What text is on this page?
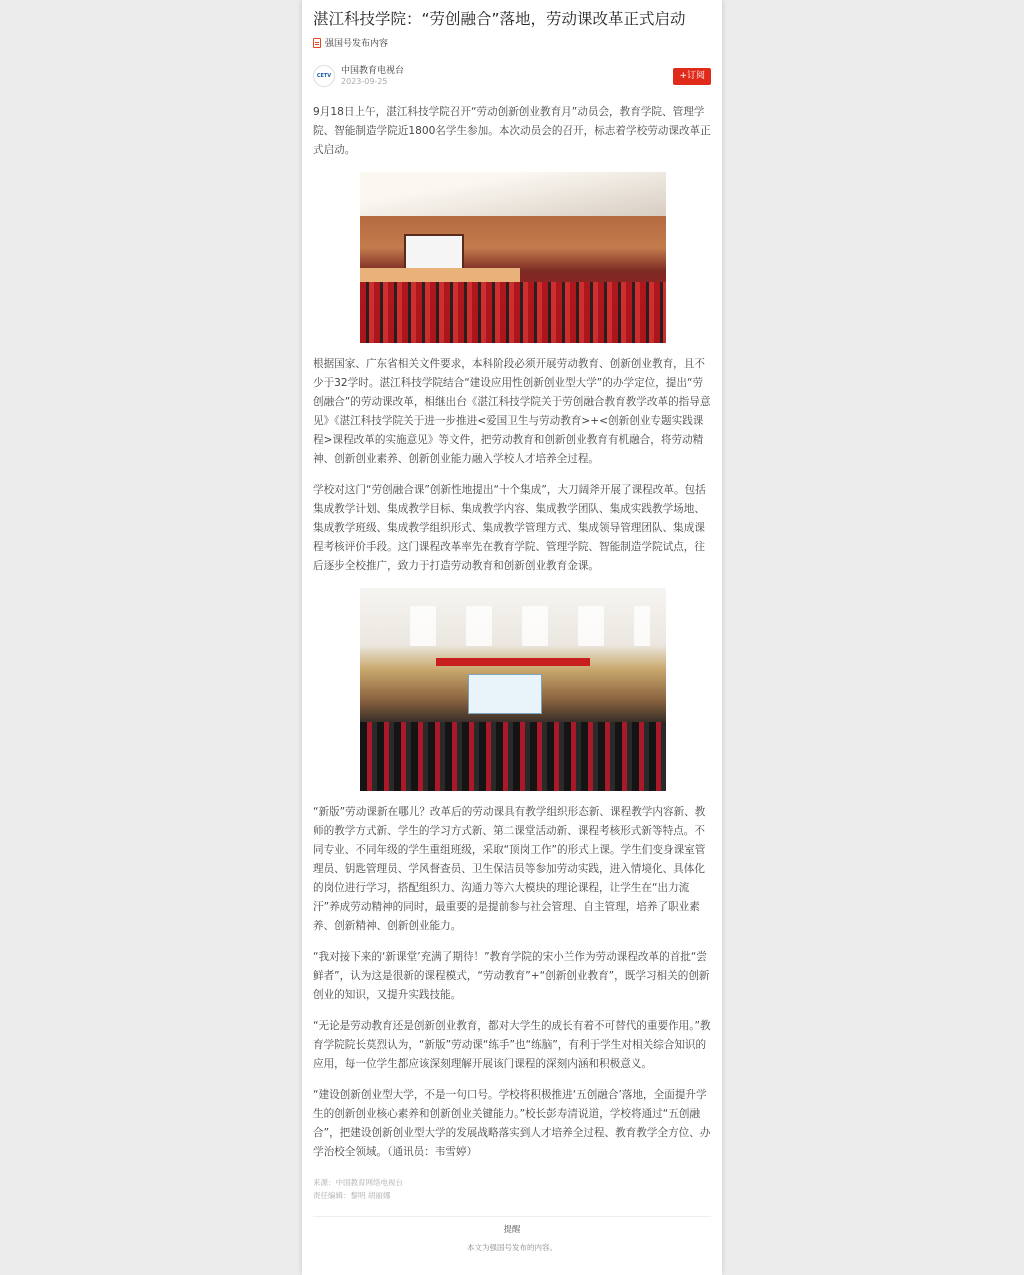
湛江科技学院：“劳创融合”落地，劳动课改革正式启动
强国号发布内容
CETV
中国教育电视台
2023-09-25
+订阅

9月18日上午，湛江科技学院召开“劳动创新创业教育月”动员会，教育学院、管理学院、智能制造学院近1800名学生参加。本次动员会的召开，标志着学校劳动课改革正式启动。

根据国家、广东省相关文件要求，本科阶段必须开展劳动教育、创新创业教育，且不少于32学时。湛江科技学院结合“建设应用性创新创业型大学”的办学定位，提出“劳创融合”的劳动课改革，相继出台《湛江科技学院关于劳创融合教育教学改革的指导意见》《湛江科技学院关于进一步推进<爱国卫生与劳动教育>+<创新创业专题实践课程>课程改革的实施意见》等文件，把劳动教育和创新创业教育有机融合，将劳动精神、创新创业素养、创新创业能力融入学校人才培养全过程。

学校对这门“劳创融合课”创新性地提出“十个集成”，大刀阔斧开展了课程改革。包括集成教学计划、集成教学目标、集成教学内容、集成教学团队、集成实践教学场地、集成教学班级、集成教学组织形式、集成教学管理方式、集成领导管理团队、集成课程考核评价手段。这门课程改革率先在教育学院、管理学院、智能制造学院试点，往后逐步全校推广，致力于打造劳动教育和创新创业教育金课。

“新版”劳动课新在哪儿？改革后的劳动课具有教学组织形态新、课程教学内容新、教师的教学方式新、学生的学习方式新、第二课堂活动新、课程考核形式新等特点。不同专业、不同年级的学生重组班级，采取“顶岗工作”的形式上课。学生们变身课室管理员、钥匙管理员、学风督查员、卫生保洁员等参加劳动实践，进入情境化、具体化的岗位进行学习，搭配组织力、沟通力等六大模块的理论课程，让学生在“出力流汗”养成劳动精神的同时，最重要的是提前参与社会管理、自主管理，培养了职业素养、创新精神、创新创业能力。

“我对接下来的‘新课堂’充满了期待！”教育学院的宋小兰作为劳动课程改革的首批“尝鲜者”，认为这是很新的课程模式，“劳动教育”+“创新创业教育”，既学习相关的创新创业的知识，又提升实践技能。

“无论是劳动教育还是创新创业教育，都对大学生的成长有着不可替代的重要作用。”教育学院院长莫烈认为，“新版”劳动课“练手”也“练脑”，有利于学生对相关综合知识的应用，每一位学生都应该深刻理解开展该门课程的深刻内涵和积极意义。

“建设创新创业型大学，不是一句口号。学校将积极推进‘五创融合’落地，全面提升学生的创新创业核心素养和创新创业关键能力。”校长彭寿清说道，学校将通过“五创融合”，把建设创新创业型大学的发展战略落实到人才培养全过程、教育教学全方位、办学治校全领域。（通讯员：韦雪婷）

来源：中国教育网络电视台
责任编辑：黎明 胡丽娜
提醒
本文为强国号发布的内容。
